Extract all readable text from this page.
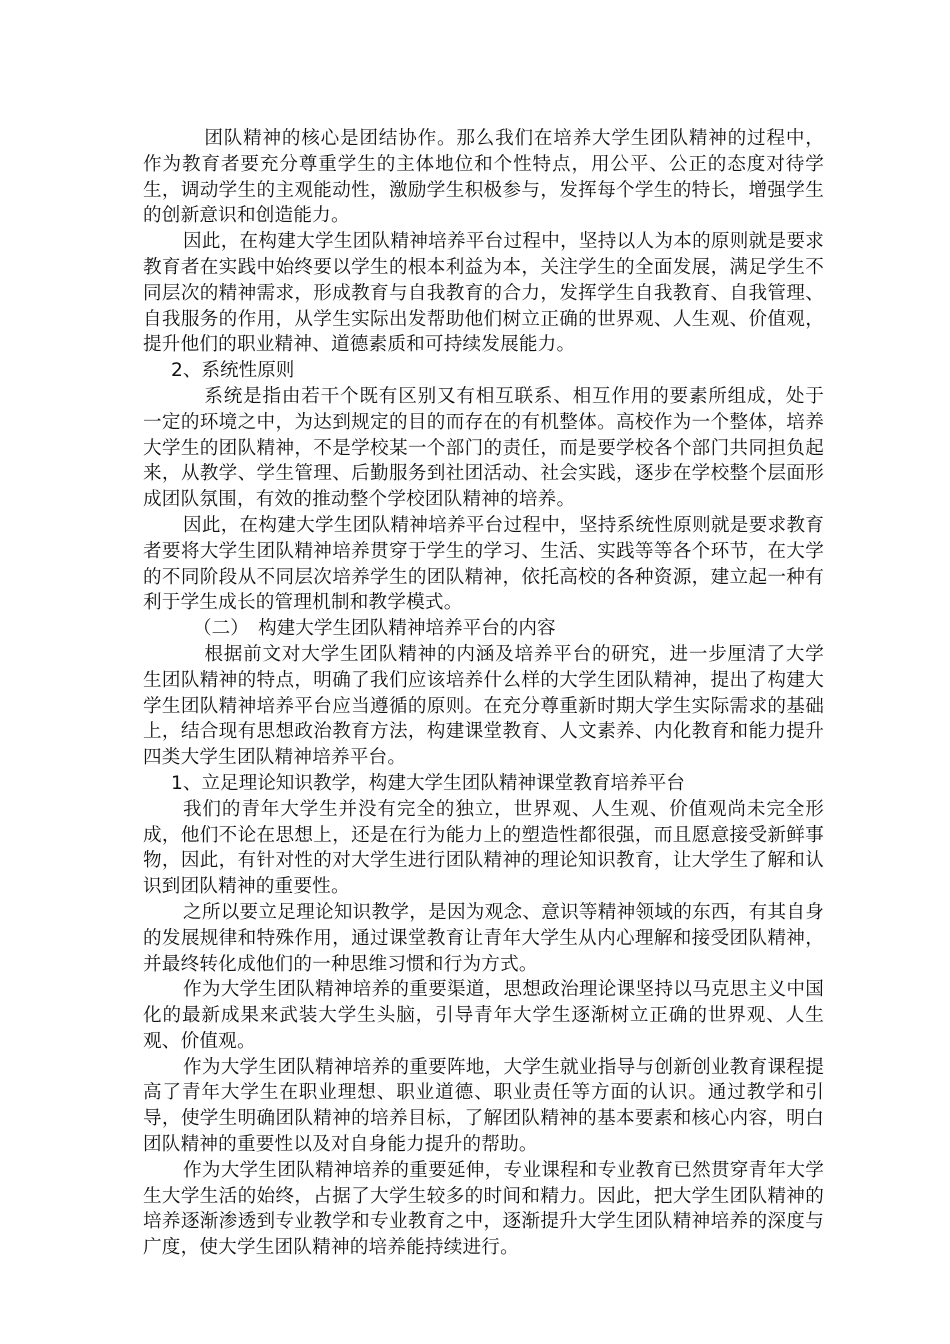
团队精神的核心是团结协作。那么我们在培养大学生团队精神的过程中，作为教育者要充分尊重学生的主体地位和个性特点，用公平、公正的态度对待学生，调动学生的主观能动性，激励学生积极参与，发挥每个学生的特长，增强学生的创新意识和创造能力。

因此，在构建大学生团队精神培养平台过程中，坚持以人为本的原则就是要求教育者在实践中始终要以学生的根本利益为本，关注学生的全面发展，满足学生不同层次的精神需求，形成教育与自我教育的合力，发挥学生自我教育、自我管理、自我服务的作用，从学生实际出发帮助他们树立正确的世界观、人生观、价值观，提升他们的职业精神、道德素质和可持续发展能力。

2、系统性原则

系统是指由若干个既有区别又有相互联系、相互作用的要素所组成，处于一定的环境之中，为达到规定的目的而存在的有机整体。高校作为一个整体，培养大学生的团队精神，不是学校某一个部门的责任，而是要学校各个部门共同担负起来，从教学、学生管理、后勤服务到社团活动、社会实践，逐步在学校整个层面形成团队氛围，有效的推动整个学校团队精神的培养。

因此，在构建大学生团队精神培养平台过程中，坚持系统性原则就是要求教育者要将大学生团队精神培养贯穿于学生的学习、生活、实践等等各个环节，在大学的不同阶段从不同层次培养学生的团队精神，依托高校的各种资源，建立起一种有利于学生成长的管理机制和教学模式。

（二）　构建大学生团队精神培养平台的内容

根据前文对大学生团队精神的内涵及培养平台的研究，进一步厘清了大学生团队精神的特点，明确了我们应该培养什么样的大学生团队精神，提出了构建大学生团队精神培养平台应当遵循的原则。在充分尊重新时期大学生实际需求的基础上，结合现有思想政治教育方法，构建课堂教育、人文素养、内化教育和能力提升四类大学生团队精神培养平台。

1、立足理论知识教学，构建大学生团队精神课堂教育培养平台

我们的青年大学生并没有完全的独立，世界观、人生观、价值观尚未完全形成，他们不论在思想上，还是在行为能力上的塑造性都很强，而且愿意接受新鲜事物，因此，有针对性的对大学生进行团队精神的理论知识教育，让大学生了解和认识到团队精神的重要性。

之所以要立足理论知识教学，是因为观念、意识等精神领域的东西，有其自身的发展规律和特殊作用，通过课堂教育让青年大学生从内心理解和接受团队精神，并最终转化成他们的一种思维习惯和行为方式。

作为大学生团队精神培养的重要渠道，思想政治理论课坚持以马克思主义中国化的最新成果来武装大学生头脑，引导青年大学生逐渐树立正确的世界观、人生观、价值观。

作为大学生团队精神培养的重要阵地，大学生就业指导与创新创业教育课程提高了青年大学生在职业理想、职业道德、职业责任等方面的认识。通过教学和引导，使学生明确团队精神的培养目标，了解团队精神的基本要素和核心内容，明白团队精神的重要性以及对自身能力提升的帮助。

作为大学生团队精神培养的重要延伸，专业课程和专业教育已然贯穿青年大学生大学生活的始终，占据了大学生较多的时间和精力。因此，把大学生团队精神的培养逐渐渗透到专业教学和专业教育之中，逐渐提升大学生团队精神培养的深度与广度，使大学生团队精神的培养能持续进行。
